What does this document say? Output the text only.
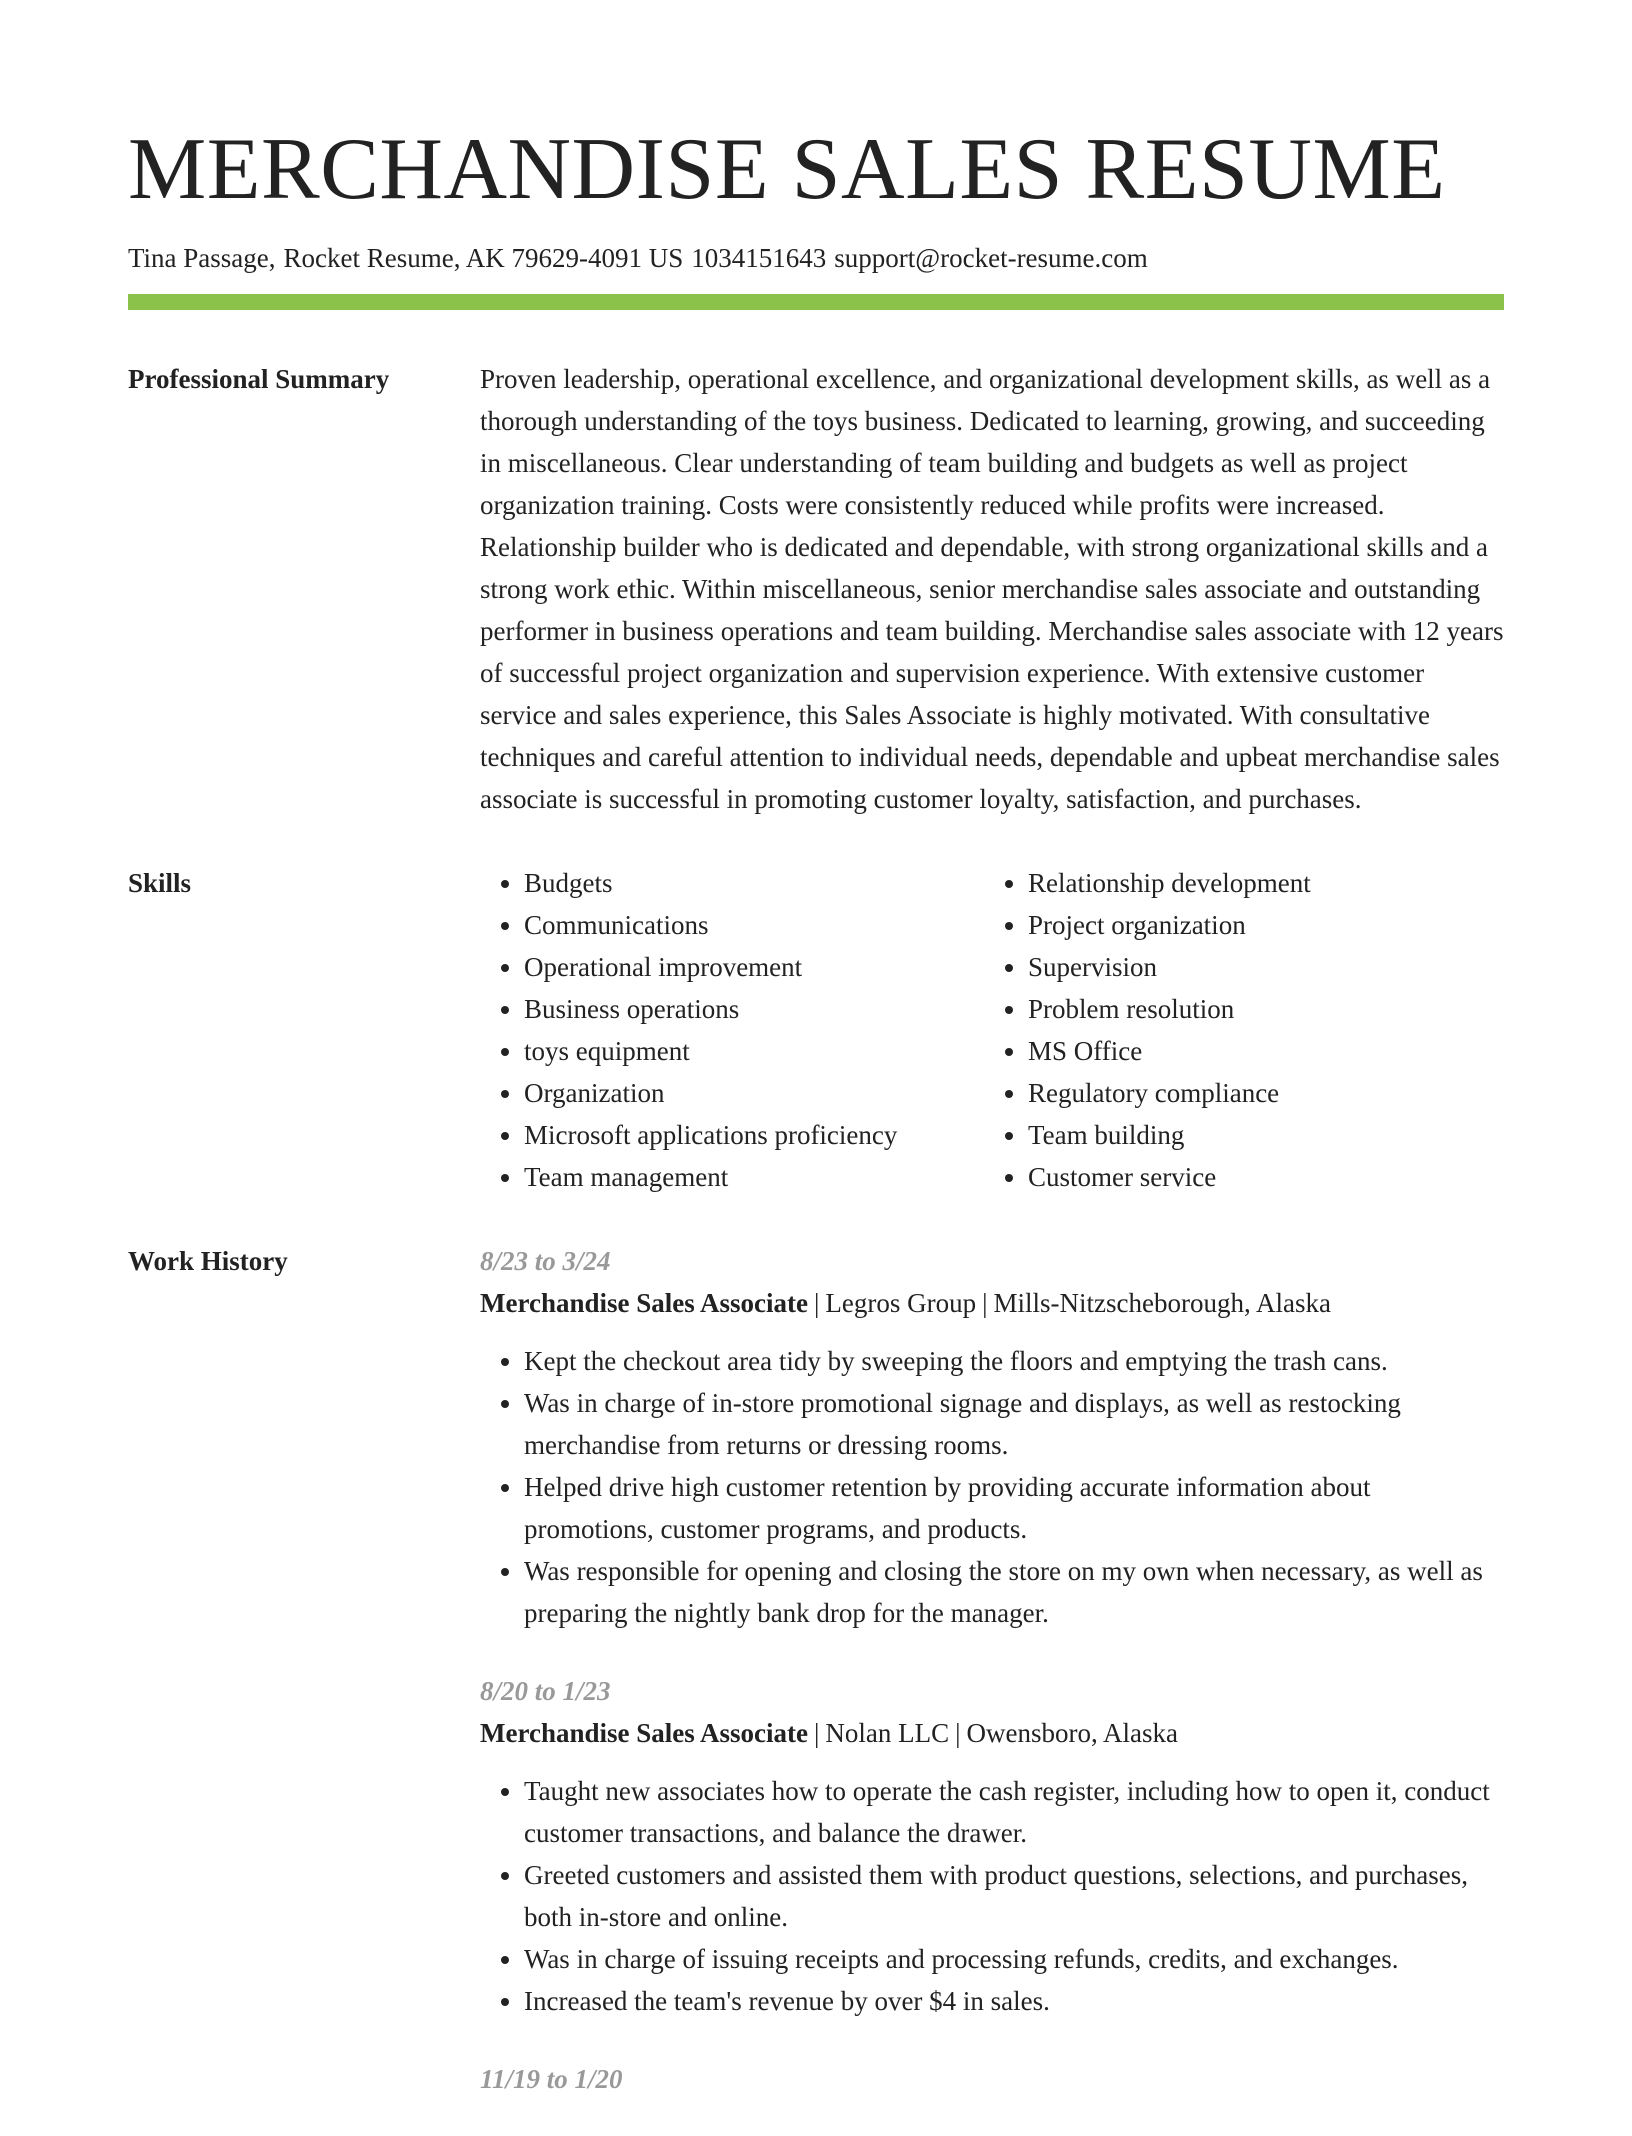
MERCHANDISE SALES RESUME
Tina Passage, Rocket Resume, AK 79629-4091 US 1034151643 support@rocket-resume.com
Professional Summary	Proven leadership, operational excellence, and organizational development skills, as well as a thorough understanding of the toys business. Dedicated to learning, growing, and succeeding in miscellaneous. Clear understanding of team building and budgets as well as project organization training. Costs were consistently reduced while profits were increased. Relationship builder who is dedicated and dependable, with strong organizational skills and a strong work ethic. Within miscellaneous, senior merchandise sales associate and outstanding performer in business operations and team building. Merchandise sales associate with 12 years of successful project organization and supervision experience. With extensive customer service and sales experience, this Sales Associate is highly motivated. With consultative techniques and careful attention to individual needs, dependable and upbeat merchandise sales associate is successful in promoting customer loyalty, satisfaction, and purchases.

Skills
•	Budgets
• Communications
• Operational improvement
• Business operations
• toys equipment
• Organization
• Microsoft applications proficiency
• Team management
• Relationship development
• Project organization
• Supervision
• Problem resolution
• MS Office
• Regulatory compliance
• Team building
• Customer service
Work History	8/23 to 3/24
Merchandise Sales Associate | Legros Group | Mills-Nitzscheborough, Alaska
• Kept the checkout area tidy by sweeping the floors and emptying the trash cans.
• Was in charge of in-store promotional signage and displays, as well as restocking merchandise from returns or dressing rooms.
• Helped drive high customer retention by providing accurate information about promotions, customer programs, and products.
• Was responsible for opening and closing the store on my own when necessary, as well as preparing the nightly bank drop for the manager.
8/20 to 1/23
Merchandise Sales Associate | Nolan LLC | Owensboro, Alaska
• Taught new associates how to operate the cash register, including how to open it, conduct customer transactions, and balance the drawer.
• Greeted customers and assisted them with product questions, selections, and purchases, both in-store and online.
• Was in charge of issuing receipts and processing refunds, credits, and exchanges.
• Increased the team's revenue by over $4 in sales.
11/19 to 1/20
